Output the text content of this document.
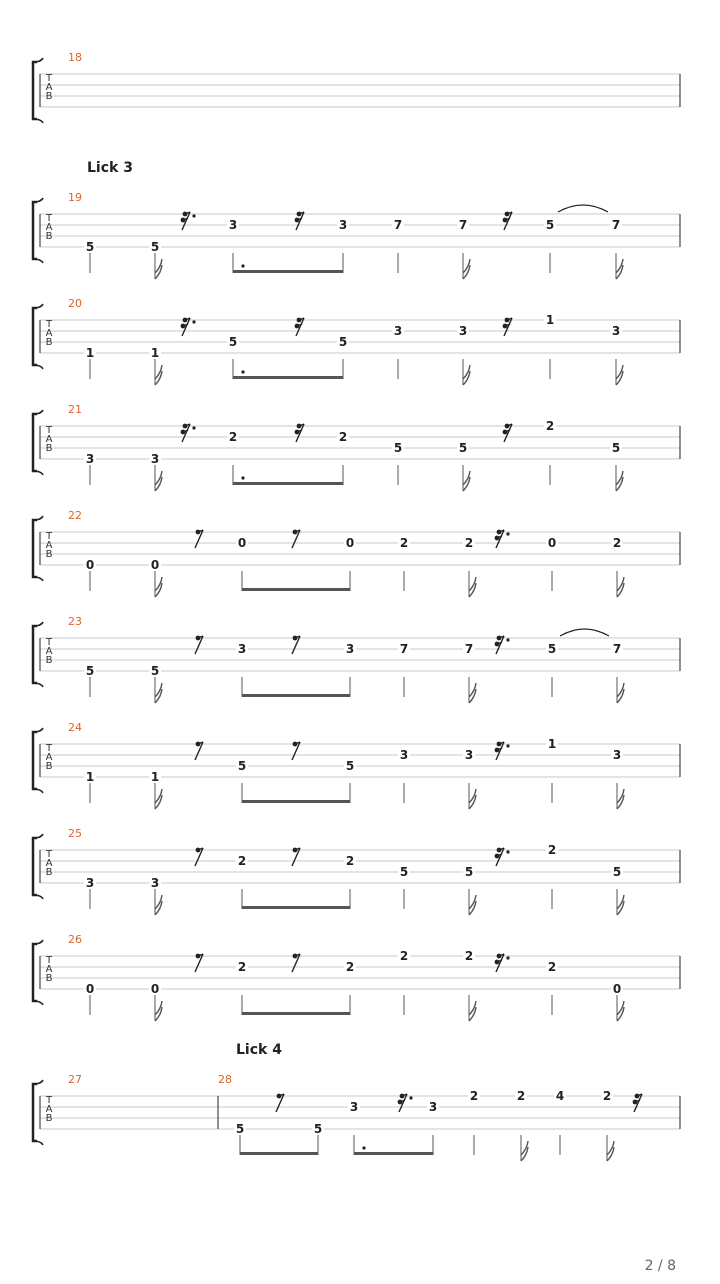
T
A
B
18
T
A
B
19
5	5
3	3	7	7	5	7
T
A
B
20
1	1
5	5
3	3
1
3
T
A
B
21
3	3
2	2
5	5
2
5
T
A
B
22
0	0
0	0	2	2	0	2
T
A
B
23
5	5
3	3	7	7	5	7
T
A
B
24
1	1
5	5
3	3
1
3
T
A
B
25
3	3
2	2
5	5
2
5
T
A
B
26
0	0
2	2
2	2
2
0
T
A
B
27	28
5	5
3	3
2	2	4	2
Lick 3
Lick 4
2 / 8
